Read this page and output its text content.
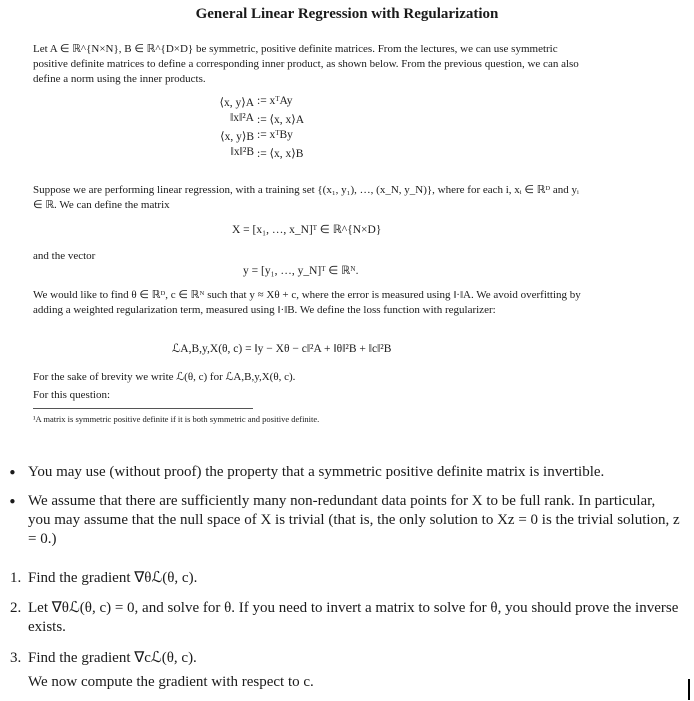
General Linear Regression with Regularization
Let A ∈ ℝ^{N×N}, B ∈ ℝ^{D×D} be symmetric, positive definite matrices. From the lectures, we can use symmetric positive definite matrices to define a corresponding inner product, as shown below. From the previous question, we can also define a norm using the inner products.
⟨x, y⟩A := xᵀAy
‖x‖²A := ⟨x, x⟩A
⟨x, y⟩B := xᵀBy
‖x‖²B := ⟨x, x⟩B
Suppose we are performing linear regression, with a training set {(x₁, y₁), …, (x_N, y_N)}, where for each i, xᵢ ∈ ℝᴰ and yᵢ ∈ ℝ. We can define the matrix
X = [x₁, …, x_N]ᵀ ∈ ℝ^{N×D}
and the vector
y = [y₁, …, y_N]ᵀ ∈ ℝᴺ.
We would like to find θ ∈ ℝᴰ, c ∈ ℝᴺ such that y ≈ Xθ + c, where the error is measured using ‖·‖A. We avoid overfitting by adding a weighted regularization term, measured using ‖·‖B. We define the loss function with regularizer:
ℒA,B,y,X(θ, c) = ‖y − Xθ − c‖²A + ‖θ‖²B + ‖c‖²B
For the sake of brevity we write ℒ(θ, c) for ℒA,B,y,X(θ, c).
For this question:
¹A matrix is symmetric positive definite if it is both symmetric and positive definite.
• You may use (without proof) the property that a symmetric positive definite matrix is invertible.
• We assume that there are sufficiently many non-redundant data points for X to be full rank. In particular, you may assume that the null space of X is trivial (that is, the only solution to Xz = 0 is the trivial solution, z = 0.)
1. Find the gradient ∇θℒ(θ, c).
2. Let ∇θℒ(θ, c) = 0, and solve for θ. If you need to invert a matrix to solve for θ, you should prove the inverse exists.
3. Find the gradient ∇cℒ(θ, c).
We now compute the gradient with respect to c.
